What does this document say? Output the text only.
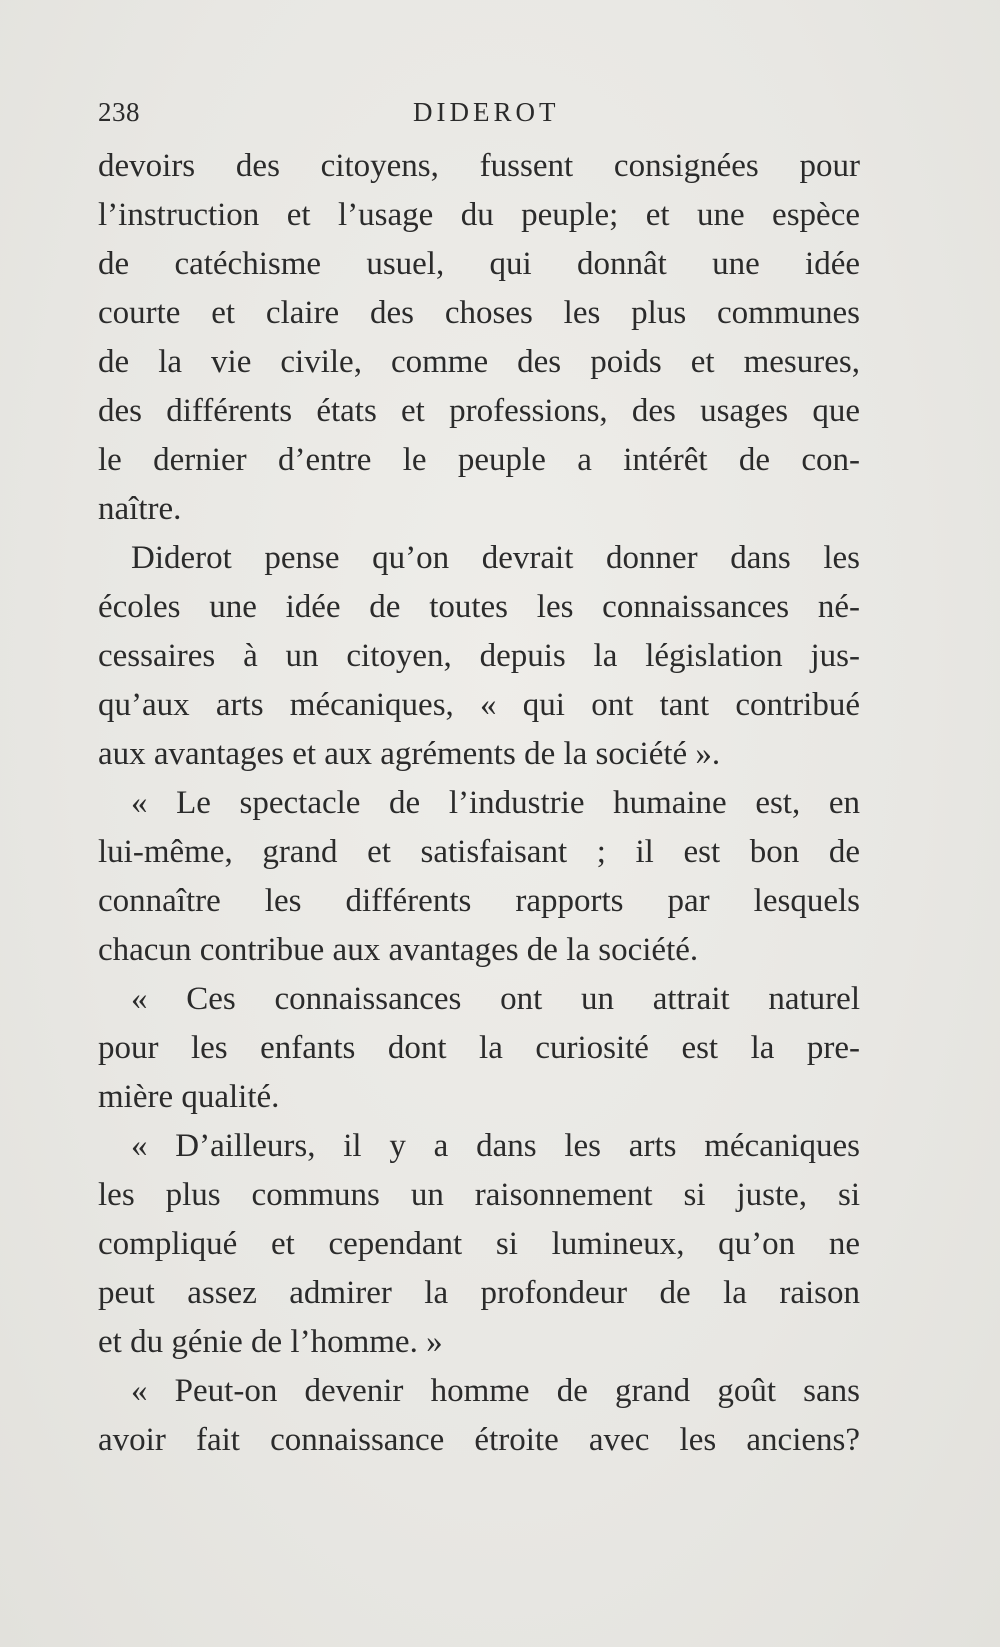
238	DIDEROT
devoirs des citoyens, fussent consignées pour
l’instruction et l’usage du peuple; et une espèce
de catéchisme usuel, qui donnât une idée
courte et claire des choses les plus communes
de la vie civile, comme des poids et mesures,
des différents états et professions, des usages que
le dernier d’entre le peuple a intérêt de con-
naître.
Diderot pense qu’on devrait donner dans les
écoles une idée de toutes les connaissances né-
cessaires à un citoyen, depuis la législation jus-
qu’aux arts mécaniques, « qui ont tant contribué
aux avantages et aux agréments de la société ».
« Le spectacle de l’industrie humaine est, en
lui-même, grand et satisfaisant ; il est bon de
connaître les différents rapports par lesquels
chacun contribue aux avantages de la société.
« Ces connaissances ont un attrait naturel
pour les enfants dont la curiosité est la pre-
mière qualité.
« D’ailleurs, il y a dans les arts mécaniques
les plus communs un raisonnement si juste, si
compliqué et cependant si lumineux, qu’on ne
peut assez admirer la profondeur de la raison
et du génie de l’homme. »
« Peut-on devenir homme de grand goût sans
avoir fait connaissance étroite avec les anciens?
